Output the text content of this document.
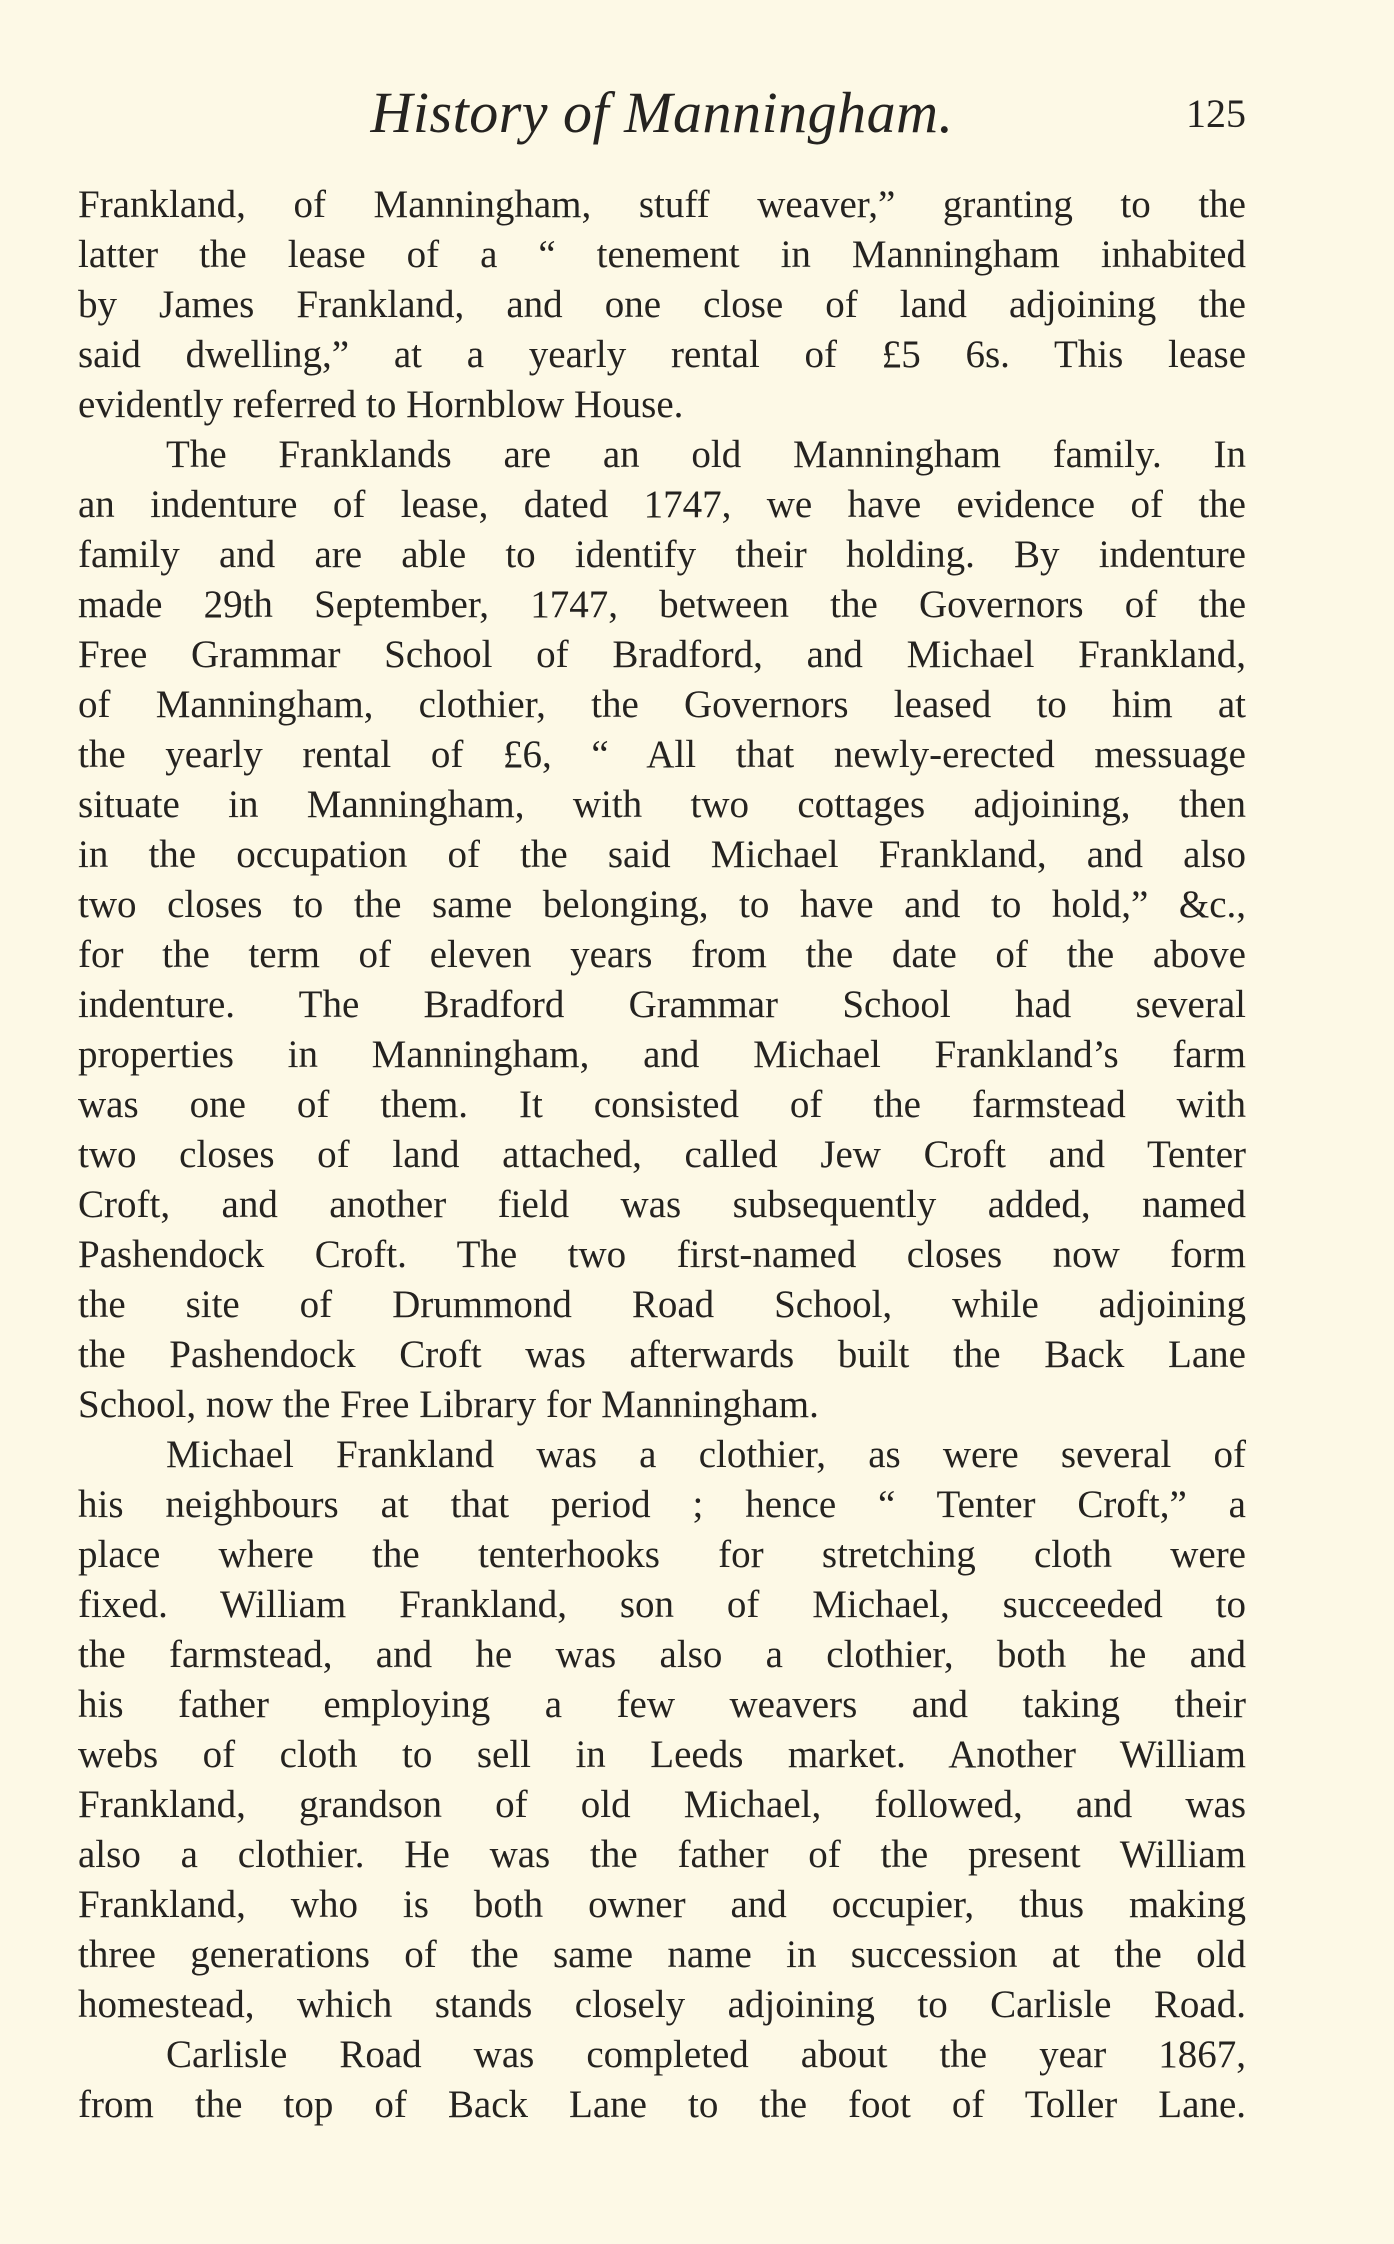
History of Manningham.	125
Frankland, of Manningham, stuff weaver,” granting to the
latter the lease of a “ tenement in Manningham inhabited
by James Frankland, and one close of land adjoining the
said dwelling,” at a yearly rental of £5 6s. This lease
evidently referred to Hornblow House.
The Franklands are an old Manningham family. In
an indenture of lease, dated 1747, we have evidence of the
family and are able to identify their holding. By indenture
made 29th September, 1747, between the Governors of the
Free Grammar School of Bradford, and Michael Frankland,
of Manningham, clothier, the Governors leased to him at
the yearly rental of £6, “ All that newly-erected messuage
situate in Manningham, with two cottages adjoining, then
in the occupation of the said Michael Frankland, and also
two closes to the same belonging, to have and to hold,” &c.,
for the term of eleven years from the date of the above
indenture. The Bradford Grammar School had several
properties in Manningham, and Michael Frankland’s farm
was one of them. It consisted of the farmstead with
two closes of land attached, called Jew Croft and Tenter
Croft, and another field was subsequently added, named
Pashendock Croft. The two first-named closes now form
the site of Drummond Road School, while adjoining
the Pashendock Croft was afterwards built the Back Lane
School, now the Free Library for Manningham.
Michael Frankland was a clothier, as were several of
his neighbours at that period ; hence “ Tenter Croft,” a
place where the tenterhooks for stretching cloth were
fixed. William Frankland, son of Michael, succeeded to
the farmstead, and he was also a clothier, both he and
his father employing a few weavers and taking their
webs of cloth to sell in Leeds market. Another William
Frankland, grandson of old Michael, followed, and was
also a clothier. He was the father of the present William
Frankland, who is both owner and occupier, thus making
three generations of the same name in succession at the old
homestead, which stands closely adjoining to Carlisle Road.
Carlisle Road was completed about the year 1867,
from the top of Back Lane to the foot of Toller Lane.
